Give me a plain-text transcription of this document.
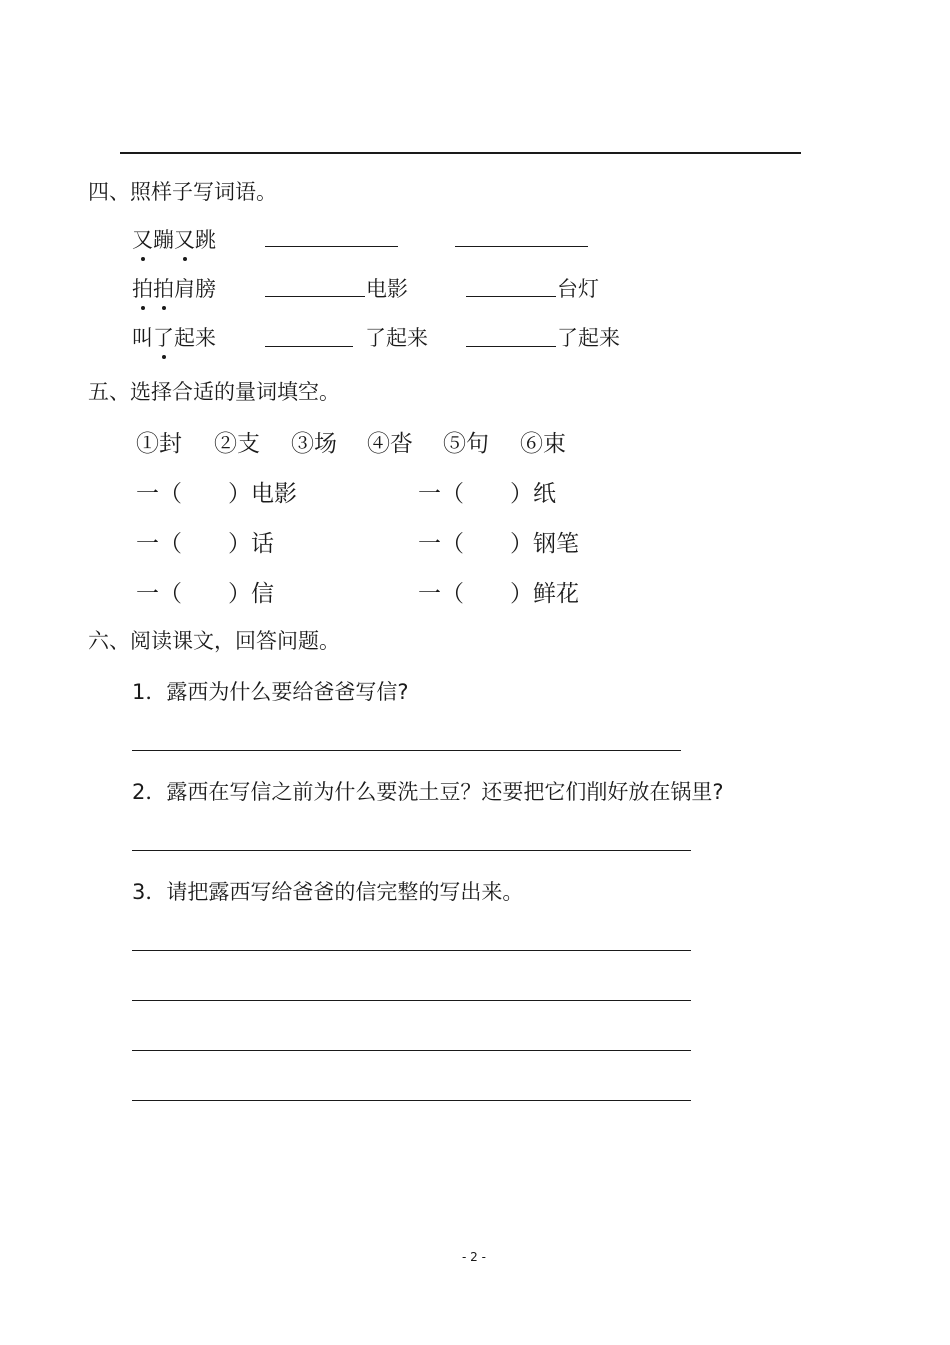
四、照样子写词语。
又蹦又跳
拍拍肩膀	电影	台灯
叫了起来	了起来	了起来
五、选择合适的量词填空。
①封 ②支 ③场 ④沓 ⑤句 ⑥束
一（　　）电影	一（　　）纸
一（　　）话	一（　　）钢笔
一（　　）信	一（　　）鲜花
六、阅读课文，回答问题。
1．露西为什么要给爸爸写信?
2．露西在写信之前为什么要洗土豆？还要把它们削好放在锅里?
3．请把露西写给爸爸的信完整的写出来。
- 2 -
